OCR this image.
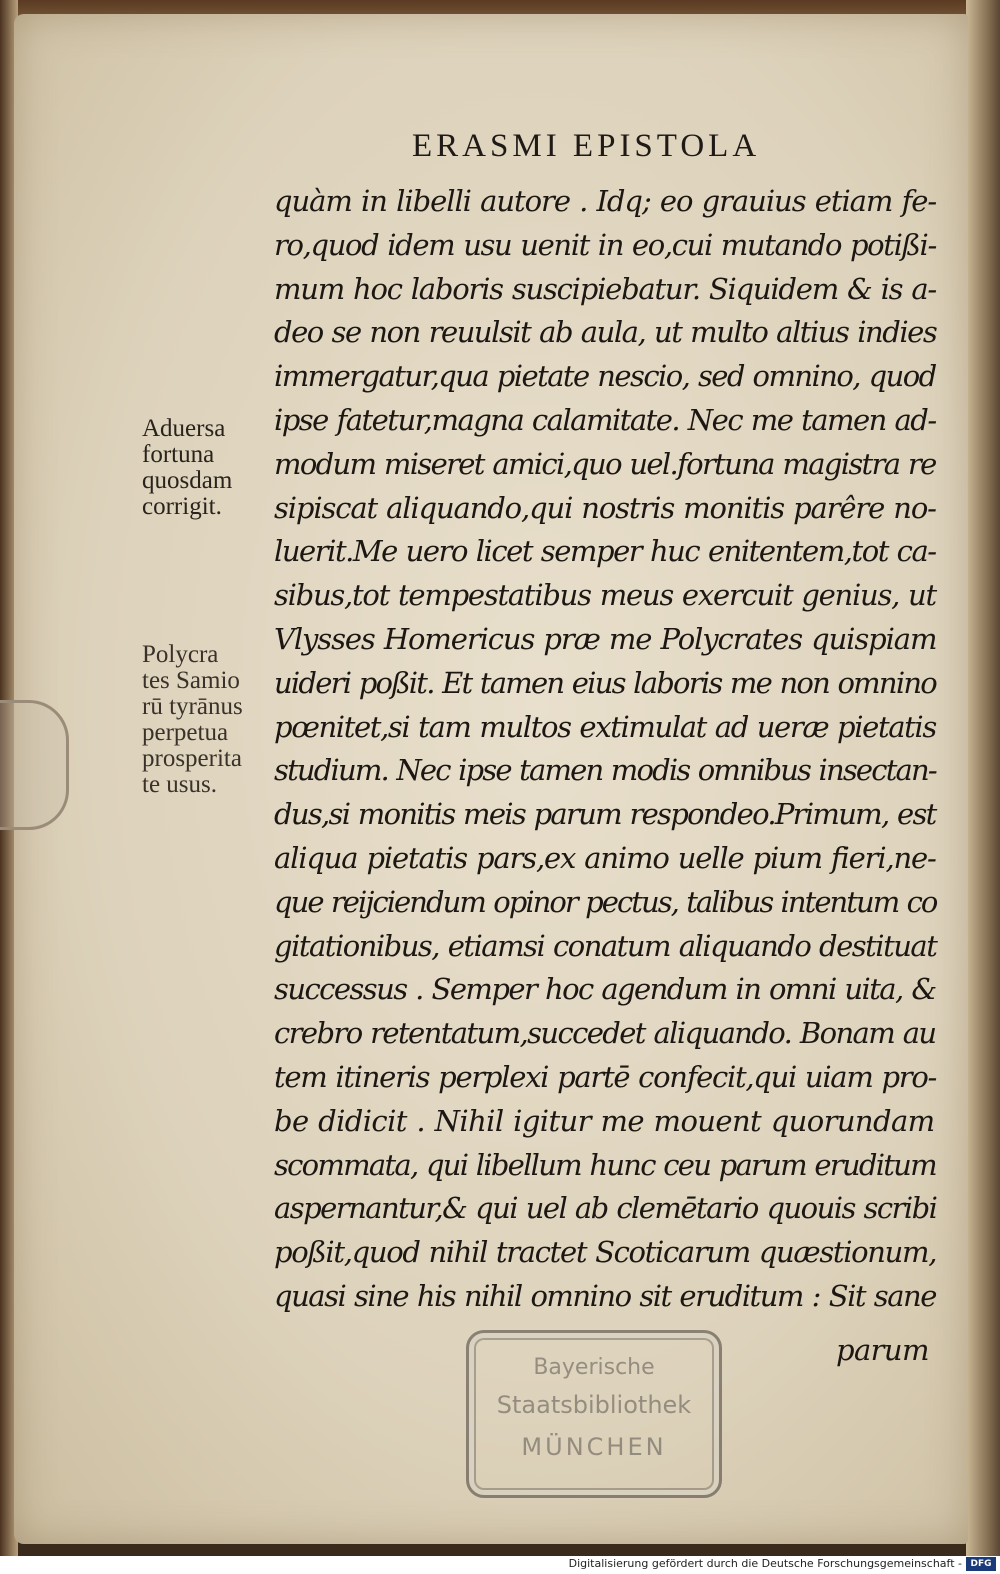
ERASMI EPISTOLA
Aduersa
fortuna
quosdam
corrigit.
Polycra
tes Samio
rū tyrānus
perpetua
prosperita
te usus.
quàm in libelli autore . Idq; eo grauius etiam fe-
ro,quod idem usu uenit in eo,cui mutando potißi-
mum hoc laboris suscipiebatur. Siquidem & is a-
deo se non reuulsit ab aula, ut multo altius indies
immergatur,qua pietate nescio, sed omnino, quod
ipse fatetur,magna calamitate. Nec me tamen ad-
modum miseret amici,quo uel.fortuna magistra re
sipiscat aliquando,qui nostris monitis parêre no-
luerit.Me uero licet semper huc enitentem,tot ca-
sibus,tot tempestatibus meus exercuit genius, ut
Vlysses Homericus præ me Polycrates quispiam
uideri poßit. Et tamen eius laboris me non omnino
pœnitet,si tam multos extimulat ad ueræ pietatis
studium. Nec ipse tamen modis omnibus insectan-
dus,si monitis meis parum respondeo.Primum, est
aliqua pietatis pars,ex animo uelle pium fieri,ne-
que reijciendum opinor pectus, talibus intentum co
gitationibus, etiamsi conatum aliquando destituat
successus . Semper hoc agendum in omni uita, &
crebro retentatum,succedet aliquando. Bonam au
tem itineris perplexi partē confecit,qui uiam pro-
be didicit . Nihil igitur me mouent quorundam
scommata, qui libellum hunc ceu parum eruditum
aspernantur,& qui uel ab clemētario quouis scribi
poßit,quod nihil tractet Scoticarum quæstionum,
quasi sine his nihil omnino sit eruditum : Sit sane
parum
Bayerische
Staatsbibliothek
MÜNCHEN
Digitalisierung gefördert durch die Deutsche Forschungsgemeinschaft - DFG
